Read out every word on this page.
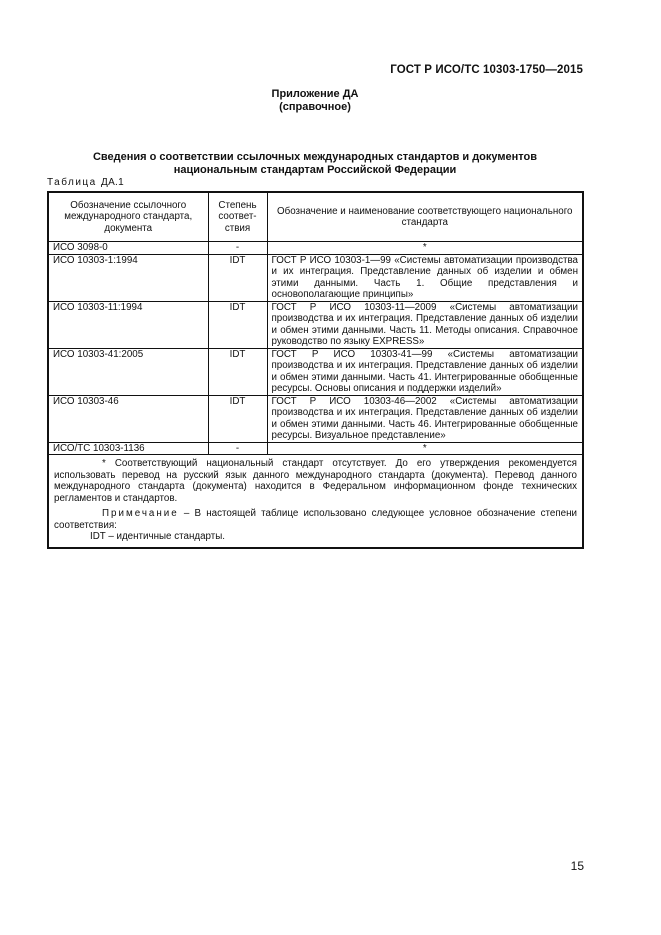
ГОСТ Р ИСО/ТС 10303-1750—2015
Приложение ДА
(справочное)
Сведения о соответствии ссылочных международных стандартов и документов
национальным стандартам Российской Федерации
Таблица ДА.1
Обозначение ссылочного международного стандарта, документа	Степень соответ- ствия	Обозначение и наименование соответствующего национального стандарта
ИСО 3098-0	-	*
ИСО 10303-1:1994	IDT	ГОСТ Р ИСО 10303-1—99 «Системы автоматизации производства и их интеграция. Представление данных об изделии и обмен этими данными. Часть 1. Общие представления и основополагающие принципы»
ИСО 10303-11:1994	IDT	ГОСТ Р ИСО 10303-11—2009 «Системы автоматизации производства и их интеграция. Представление данных об изделии и обмен этими данными. Часть 11. Методы описания. Справочное руководство по языку EXPRESS»
ИСО 10303-41:2005	IDT	ГОСТ Р ИСО 10303-41—99 «Системы автоматизации производства и их интеграция. Представление данных об изделии и обмен этими данными. Часть 41. Интегрированные обобщенные ресурсы. Основы описания и поддержки изделий»
ИСО 10303-46	IDT	ГОСТ Р ИСО 10303-46—2002 «Системы автоматизации производства и их интеграция. Представление данных об изделии и обмен этими данными. Часть 46. Интегрированные обобщенные ресурсы. Визуальное представление»
ИСО/ТС 10303-1136	-	*

* Соответствующий национальный стандарт отсутствует. До его утверждения рекомендуется использовать перевод на русский язык данного международного стандарта (документа). Перевод данного международного стандарта (документа) находится в Федеральном информационном фонде технических регламентов и стандартов.

Примечание – В настоящей таблице использовано следующее условное обозначение степени соответствия:

IDT – идентичные стандарты.		

15
